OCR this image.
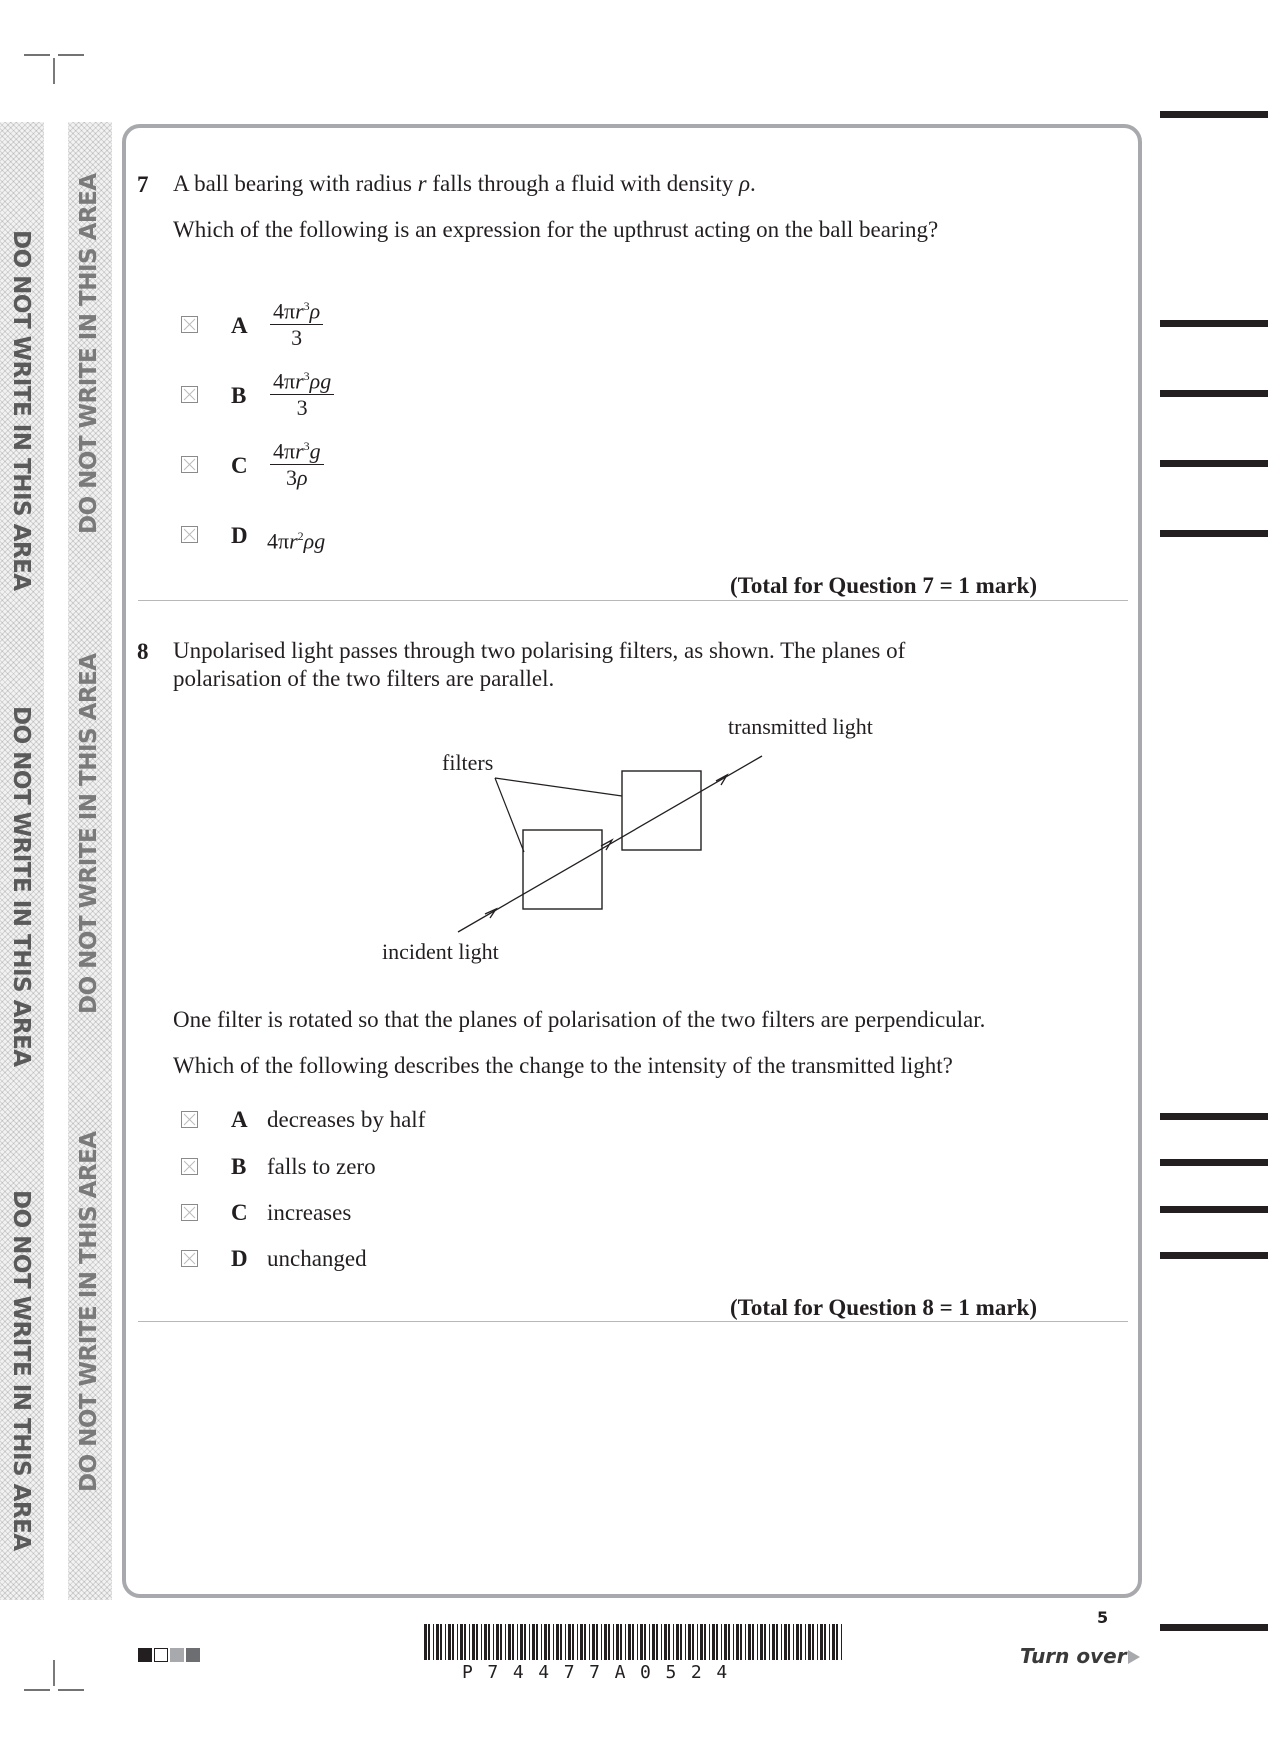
DO NOT WRITE IN THIS AREA
DO NOT WRITE IN THIS AREA
DO NOT WRITE IN THIS AREA
DO NOT WRITE IN THIS AREA
DO NOT WRITE IN THIS AREA
DO NOT WRITE IN THIS AREA
7 A ball bearing with radius r falls through a fluid with density ρ.
Which of the following is an expression for the upthrust acting on the ball bearing?
A $\frac{4\pi r^3\rho}{3}$
B $\frac{4\pi r^3\rho g}{3}$
C $\frac{4\pi r^3g}{3\rho}$
D $4\pi r^2\rho g$
(Total for Question 7 = 1 mark)
8 Unpolarised light passes through two polarising filters, as shown. The planes of
polarisation of the two filters are parallel.
transmitted light
filters
incident light
One filter is rotated so that the planes of polarisation of the two filters are perpendicular.
Which of the following describes the change to the intensity of the transmitted light?
A decreases by half
B falls to zero
C increases
D unchanged
(Total for Question 8 = 1 mark)
P74477A0524
5
Turn over
